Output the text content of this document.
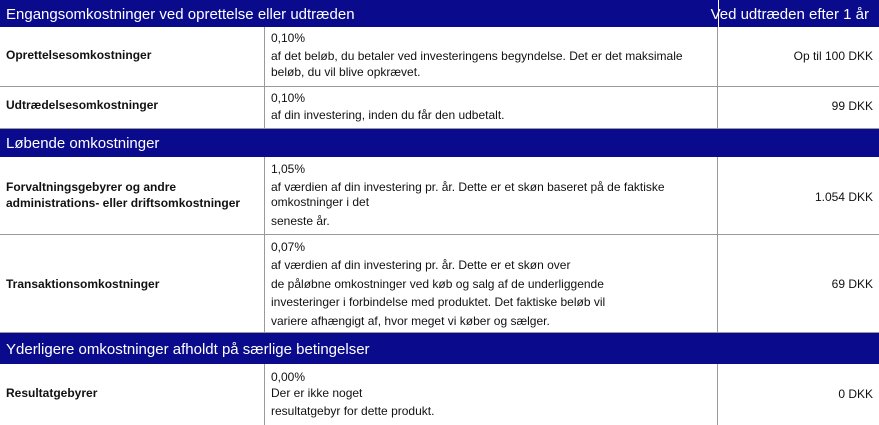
Engangsomkostninger ved oprettelse eller udtræden	Ved udtræden efter 1 år
Oprettelsesomkostninger
0,10%
af det beløb, du betaler ved investeringens begyndelse. Det er det maksimale
beløb, du vil blive opkrævet.
Op til 100 DKK
Udtrædelsesomkostninger	0,10%
af din investering, inden du får den udbetalt.
99 DKK
Løbende omkostninger
Forvaltningsgebyrer og andre
administrations- eller driftsomkostninger
1,05%
af værdien af din investering pr. år. Dette er et skøn baseret på de faktiske
omkostninger i det
seneste år.
1.054 DKK
Transaktionsomkostninger
0,07%
af værdien af din investering pr. år. Dette er et skøn over
de påløbne omkostninger ved køb og salg af de underliggende
investeringer i forbindelse med produktet. Det faktiske beløb vil
variere afhængigt af, hvor meget vi køber og sælger.
69 DKK
Yderligere omkostninger afholdt på særlige betingelser
Resultatgebyrer
0,00%
Der er ikke noget
resultatgebyr for dette produkt.
0 DKK
